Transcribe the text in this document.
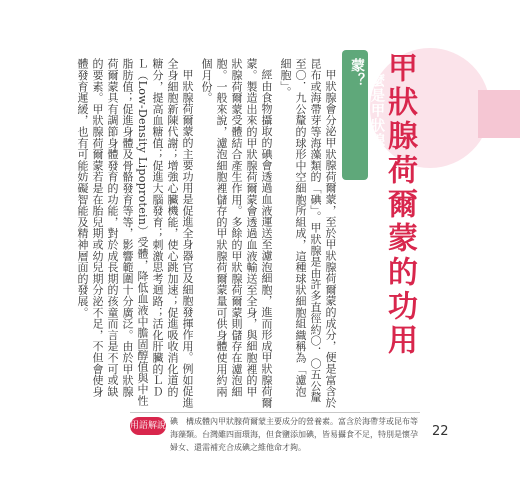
甲狀腺荷爾蒙的功用
什麼是甲狀腺荷爾蒙？

甲狀腺會分泌甲狀腺荷爾蒙，至於甲狀腺荷爾蒙的成分，便是富含於昆布或海帶芽等海藻類的「碘」。甲狀腺是由許多直徑約〇．〇五公釐至〇．九公釐的球形中空細胞所組成，這種球狀細胞組織稱為「濾泡細胞」。

經由食物攝取的碘會透過血液運送至濾泡細胞，進而形成甲狀腺荷爾蒙。製造出來的甲狀腺荷爾蒙會透過血液輸送至全身，與細胞裡的甲狀腺荷爾蒙受體結合產生作用。多餘的甲狀腺荷爾蒙則儲存在濾泡細胞。一般來說，濾泡細胞裡儲存的甲狀腺荷爾蒙量可供身體使用約兩個月份。

甲狀腺荷爾蒙的主要功用是促進全身器官及細胞發揮作用。例如促進全身細胞新陳代謝；增強心臟機能，使心跳加速；促進吸收消化道的糖分，提高血糖值；促進大腦發育；刺激思考迴路；活化肝臟的ＬＤＬ（Low-Density Lipoprotein）受體，降低血液中膽固醇值與中性脂肪值；促進身體及骨骼發育等等，影響範圍十分廣泛。由於甲狀腺荷爾蒙具有調節身體發育的功能，對於成長期的孩童而言是不可或缺的要素。甲狀腺荷爾蒙若是在胎兒期或幼兒期分泌不足，不但會使身體發育遲緩，也有可能妨礙智能及精神層面的發展。

用語解說 碘　構成體內甲狀腺荷爾蒙主要成分的營養素。富含於海帶芽或昆布等海藻類。台灣雖四面環海，但食鹽添加碘，皆易攝食不足，特別是懷孕婦女、還需補充合成碘之維他命才夠。
22
